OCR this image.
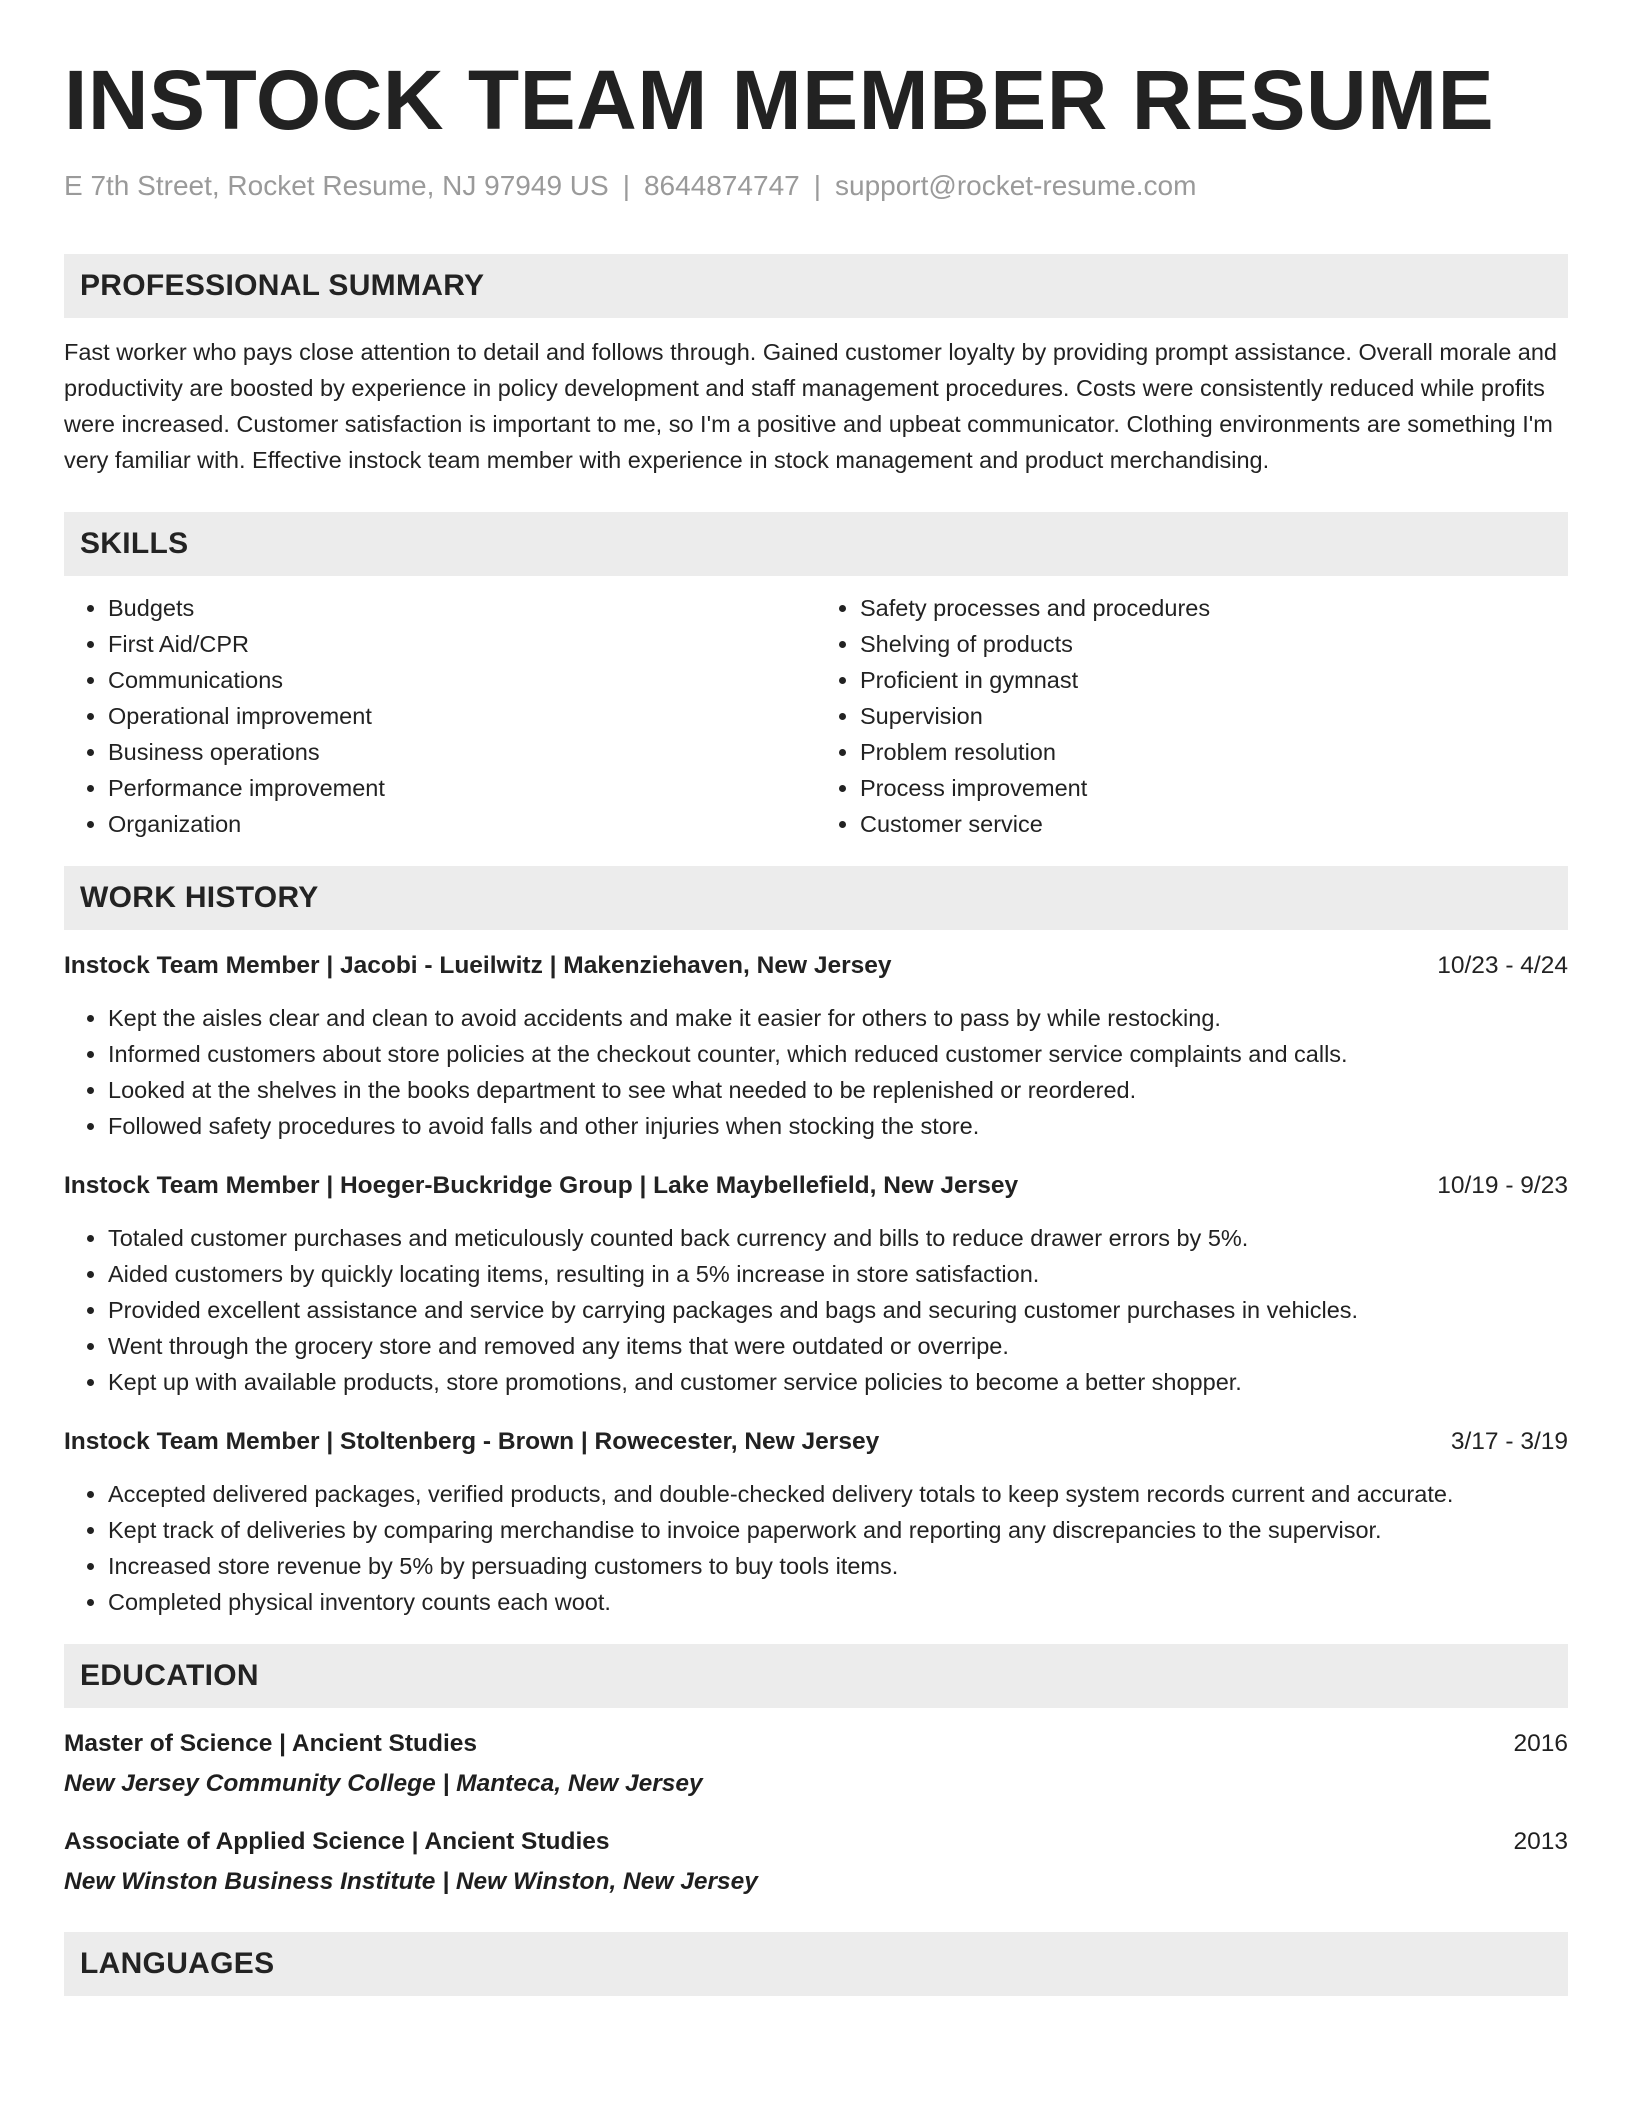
INSTOCK TEAM MEMBER RESUME
E 7th Street, Rocket Resume, NJ 97949 US | 8644874747 | support@rocket-resume.com
PROFESSIONAL SUMMARY

Fast worker who pays close attention to detail and follows through. Gained customer loyalty by providing prompt assistance. Overall morale and productivity are boosted by experience in policy development and staff management procedures. Costs were consistently reduced while profits were increased. Customer satisfaction is important to me, so I'm a positive and upbeat communicator. Clothing environments are something I'm very familiar with. Effective instock team member with experience in stock management and product merchandising.

SKILLS
• Budgets
• First Aid/CPR
• Communications
• Operational improvement
• Business operations
• Performance improvement
• Organization
• Safety processes and procedures
• Shelving of products
• Proficient in gymnast
• Supervision
• Problem resolution
• Process improvement
• Customer service
WORK HISTORY
Instock Team Member | Jacobi - Lueilwitz | Makenziehaven, New Jersey	10/23 - 4/24
• Kept the aisles clear and clean to avoid accidents and make it easier for others to pass by while restocking.
• Informed customers about store policies at the checkout counter, which reduced customer service complaints and calls.
• Looked at the shelves in the books department to see what needed to be replenished or reordered.
• Followed safety procedures to avoid falls and other injuries when stocking the store.
Instock Team Member | Hoeger-Buckridge Group | Lake Maybellefield, New Jersey	10/19 - 9/23
• Totaled customer purchases and meticulously counted back currency and bills to reduce drawer errors by 5%.
• Aided customers by quickly locating items, resulting in a 5% increase in store satisfaction.
• Provided excellent assistance and service by carrying packages and bags and securing customer purchases in vehicles.
• Went through the grocery store and removed any items that were outdated or overripe.
• Kept up with available products, store promotions, and customer service policies to become a better shopper.
Instock Team Member | Stoltenberg - Brown | Rowecester, New Jersey	3/17 - 3/19
• Accepted delivered packages, verified products, and double-checked delivery totals to keep system records current and accurate.
• Kept track of deliveries by comparing merchandise to invoice paperwork and reporting any discrepancies to the supervisor.
• Increased store revenue by 5% by persuading customers to buy tools items.
• Completed physical inventory counts each woot.
EDUCATION
Master of Science | Ancient Studies	2016
New Jersey Community College | Manteca, New Jersey
Associate of Applied Science | Ancient Studies	2013
New Winston Business Institute | New Winston, New Jersey
LANGUAGES
